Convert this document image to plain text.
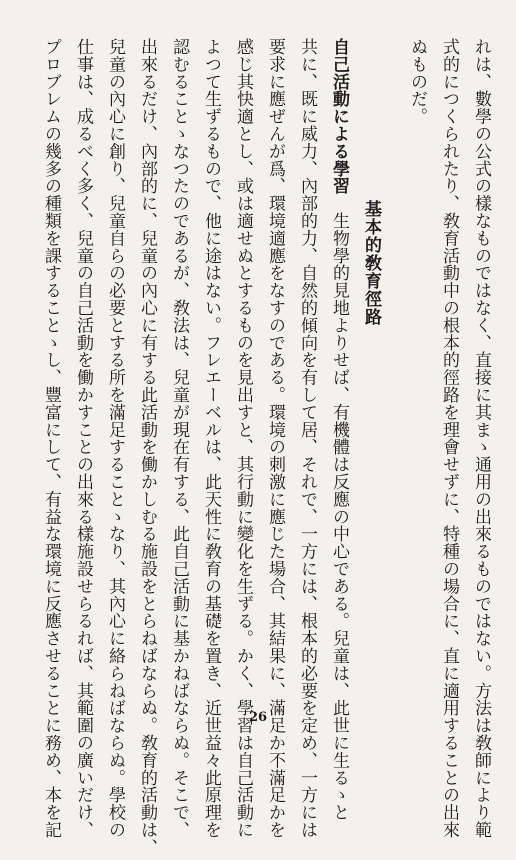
れは、數學の公式の樣なものではなく、直接に其まゝ通用の出來るものではない。方法は敎師により範
式的につくられたり、敎育活動中の根本的徑路を理會せずに、特種の場合に、直に適用することの出來
ぬものだ。
基本的敎育徑路
自己活動による學習　生物學的見地よりせば、有機體は反應の中心である。兒童は、此世に生るゝと
共に、既に威力、內部的力、自然的傾向を有して居、それで、一方には、根本的必要を定め、一方には
要求に應ぜんが爲、環境適應をなすのである。環境の刺激に應じた場合、其結果に、滿足か不滿足かを
感じ其快適とし、或は適せぬとするものを見出すと、其行動に變化を生ずる。かく、學習は自己活動に
よつて生ずるもので、他に途はない。フレエーベルは、此天性に敎育の基礎を置き、近世益々此原理を
認むることゝなつたのであるが、敎法は、兒童が現在有する、此自己活動に基かねばならぬ。そこで、
出來るだけ、內部的に、兒童の內心に有する此活動を働かしむる施設をとらねばならぬ。敎育的活動は、
兒童の內心に創り、兒童自らの必要とする所を滿足することゝなり、其內心に絡らねばならぬ。學校の
仕事は、成るべく多く、兒童の自己活動を働かすことの出來る樣施設せらるれば、其範圍の廣いだけ、
プロブレムの幾多の種類を課することゝし、豐富にして、有益な環境に反應させることに務め、本を記	26
